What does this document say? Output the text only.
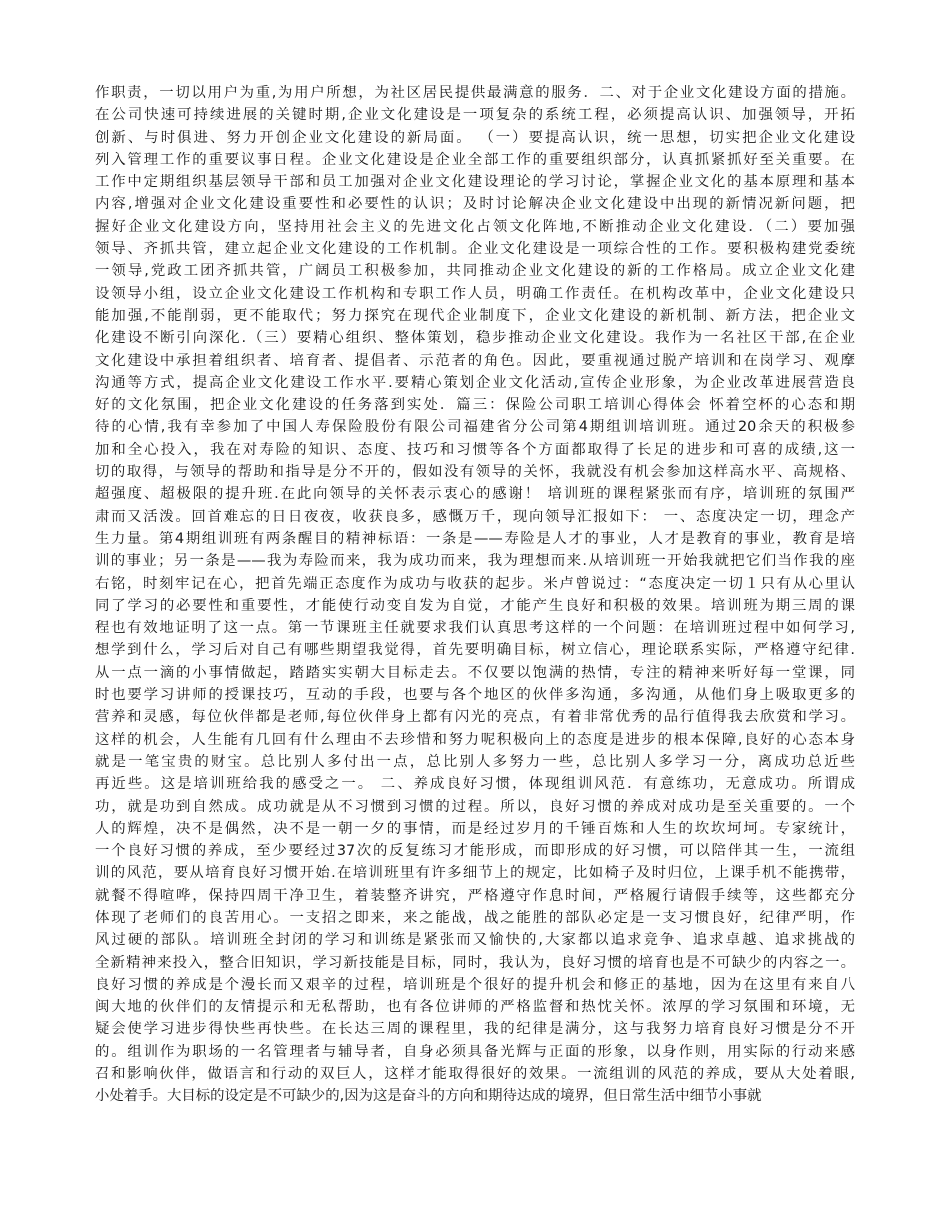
作职责，一切以用户为重,为用户所想，为社区居民提供最满意的服务．二、对于企业文化建设方面的措施。
在公司快速可持续进展的关键时期,企业文化建设是一项复杂的系统工程，必须提高认识、加强领导，开拓
创新、与时俱进、努力开创企业文化建设的新局面。 （一）要提高认识，统一思想，切实把企业文化建设
列入管理工作的重要议事日程。企业文化建设是企业全部工作的重要组织部分，认真抓紧抓好至关重要。在
工作中定期组织基层领导干部和员工加强对企业文化建设理论的学习讨论，掌握企业文化的基本原理和基本
内容,增强对企业文化建设重要性和必要性的认识；及时讨论解决企业文化建设中出现的新情况新问题，把
握好企业文化建设方向，坚持用社会主义的先进文化占领文化阵地,不断推动企业文化建设．（二）要加强
领导、齐抓共管，建立起企业文化建设的工作机制。企业文化建设是一项综合性的工作。要积极构建党委统
一领导,党政工团齐抓共管，广阔员工积极参加，共同推动企业文化建设的新的工作格局。成立企业文化建
设领导小组，设立企业文化建设工作机构和专职工作人员，明确工作责任。在机构改革中，企业文化建设只
能加强,不能削弱，更不能取代；努力探究在现代企业制度下，企业文化建设的新机制、新方法，把企业文
化建设不断引向深化.（三）要精心组织、整体策划，稳步推动企业文化建设。我作为一名社区干部,在企业
文化建设中承担着组织者、培育者、提倡者、示范者的角色。因此，要重视通过脱产培训和在岗学习、观摩
沟通等方式，提高企业文化建设工作水平.要精心策划企业文化活动,宣传企业形象，为企业改革进展营造良
好的文化氛围，把企业文化建设的任务落到实处．篇三：保险公司职工培训心得体会 怀着空杯的心态和期
待的心情,我有幸参加了中国人寿保险股份有限公司福建省分公司第4期组训培训班。通过20余天的积极参
加和全心投入，我在对寿险的知识、态度、技巧和习惯等各个方面都取得了长足的进步和可喜的成绩,这一
切的取得，与领导的帮助和指导是分不开的，假如没有领导的关怀，我就没有机会参加这样高水平、高规格、
超强度、超极限的提升班.在此向领导的关怀表示衷心的感谢！ 培训班的课程紧张而有序，培训班的氛围严
肃而又活泼。回首难忘的日日夜夜，收获良多，感慨万千，现向领导汇报如下： 一、态度决定一切，理念产
生力量。第4期组训班有两条醒目的精神标语：一条是——寿险是人才的事业，人才是教育的事业，教育是培
训的事业；另一条是——我为寿险而来，我为成功而来，我为理想而来.从培训班一开始我就把它们当作我的座
右铭，时刻牢记在心，把首先端正态度作为成功与收获的起步。米卢曾说过：“态度决定一切１只有从心里认
同了学习的必要性和重要性，才能使行动变自发为自觉，才能产生良好和积极的效果。培训班为期三周的课
程也有效地证明了这一点。第一节课班主任就要求我们认真思考这样的一个问题：在培训班过程中如何学习,
想学到什么，学习后对自己有哪些期望我觉得，首先要明确目标，树立信心，理论联系实际，严格遵守纪律.
从一点一滴的小事情做起，踏踏实实朝大目标走去。不仅要以饱满的热情，专注的精神来听好每一堂课，同
时也要学习讲师的授课技巧，互动的手段，也要与各个地区的伙伴多沟通，多沟通，从他们身上吸取更多的
营养和灵感，每位伙伴都是老师,每位伙伴身上都有闪光的亮点，有着非常优秀的品行值得我去欣赏和学习。
这样的机会，人生能有几回有什么理由不去珍惜和努力呢积极向上的态度是进步的根本保障,良好的心态本身
就是一笔宝贵的财宝。总比别人多付出一点，总比别人多努力一些，总比别人多学习一分，离成功总近些
再近些。这是培训班给我的感受之一。 二、养成良好习惯，体现组训风范．有意练功，无意成功。所谓成
功，就是功到自然成。成功就是从不习惯到习惯的过程。所以，良好习惯的养成对成功是至关重要的。一个
人的辉煌，决不是偶然，决不是一朝一夕的事情，而是经过岁月的千锤百炼和人生的坎坎坷坷。专家统计，
一个良好习惯的养成，至少要经过37次的反复练习才能形成，而即形成的好习惯，可以陪伴其一生，一流组
训的风范，要从培育良好习惯开始.在培训班里有许多细节上的规定，比如椅子及时归位，上课手机不能携带，
就餐不得喧哗，保持四周干净卫生，着装整齐讲究，严格遵守作息时间，严格履行请假手续等，这些都充分
体现了老师们的良苦用心。一支招之即来，来之能战，战之能胜的部队必定是一支习惯良好，纪律严明，作
风过硬的部队。培训班全封闭的学习和训练是紧张而又愉快的,大家都以追求竞争、追求卓越、追求挑战的
全新精神来投入，整合旧知识，学习新技能是目标，同时，我认为，良好习惯的培育也是不可缺少的内容之一。
良好习惯的养成是个漫长而又艰辛的过程，培训班是个很好的提升机会和修正的基地，因为在这里有来自八
闽大地的伙伴们的友情提示和无私帮助，也有各位讲师的严格监督和热忱关怀。浓厚的学习氛围和环境，无
疑会使学习进步得快些再快些。在长达三周的课程里，我的纪律是满分，这与我努力培育良好习惯是分不开
的。组训作为职场的一名管理者与辅导者，自身必须具备光辉与正面的形象，以身作则，用实际的行动来感
召和影响伙伴，做语言和行动的双巨人，这样才能取得很好的效果。一流组训的风范的养成，要从大处着眼,
小处着手。大目标的设定是不可缺少的,因为这是奋斗的方向和期待达成的境界，但日常生活中细节小事就
